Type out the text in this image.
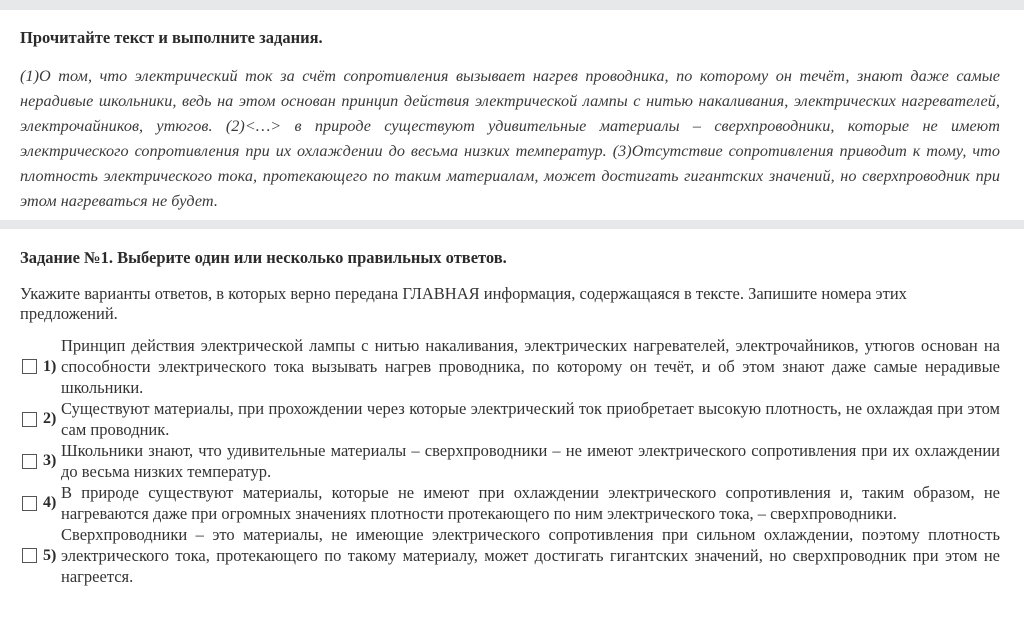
Прочитайте текст и выполните задания.

(1)О том, что электрический ток за счёт сопротивления вызывает нагрев проводника, по которому он течёт, знают даже самые нерадивые школьники, ведь на этом основан принцип действия электрической лампы с нитью накаливания, электрических нагревателей, электрочайников, утюгов. (2)<…> в природе существуют удивительные материалы – сверхпроводники, которые не имеют электрического сопротивления при их охлаждении до весьма низких температур. (3)Отсутствие сопротивления приводит к тому, что плотность электрического тока, протекающего по таким материалам, может достигать гигантских значений, но сверхпроводник при этом нагреваться не будет.

Задание №1. Выберите один или несколько правильных ответов.

Укажите варианты ответов, в которых верно передана ГЛАВНАЯ информация, содержащаяся в тексте. Запишите номера этих предложений.
1)
Принцип действия электрической лампы с нитью накаливания, электрических нагревателей, электрочайников, утюгов основан на способности электрического тока вызывать нагрев проводника, по которому он течёт, и об этом знают даже самые нерадивые школьники.
2)
Существуют материалы, при прохождении через которые электрический ток приобретает высокую плотность, не охлаждая при этом сам проводник.
3)
Школьники знают, что удивительные материалы – сверхпроводники – не имеют электрического сопротивления при их охлаждении до весьма низких температур.
4)
В природе существуют материалы, которые не имеют при охлаждении электрического сопротивления и, таким образом, не нагреваются даже при огромных значениях плотности протекающего по ним электрического тока, – сверхпроводники.
5)
Сверхпроводники – это материалы, не имеющие электрического сопротивления при сильном охлаждении, поэтому плотность электрического тока, протекающего по такому материалу, может достигать гигантских значений, но сверхпроводник при этом не нагреется.
